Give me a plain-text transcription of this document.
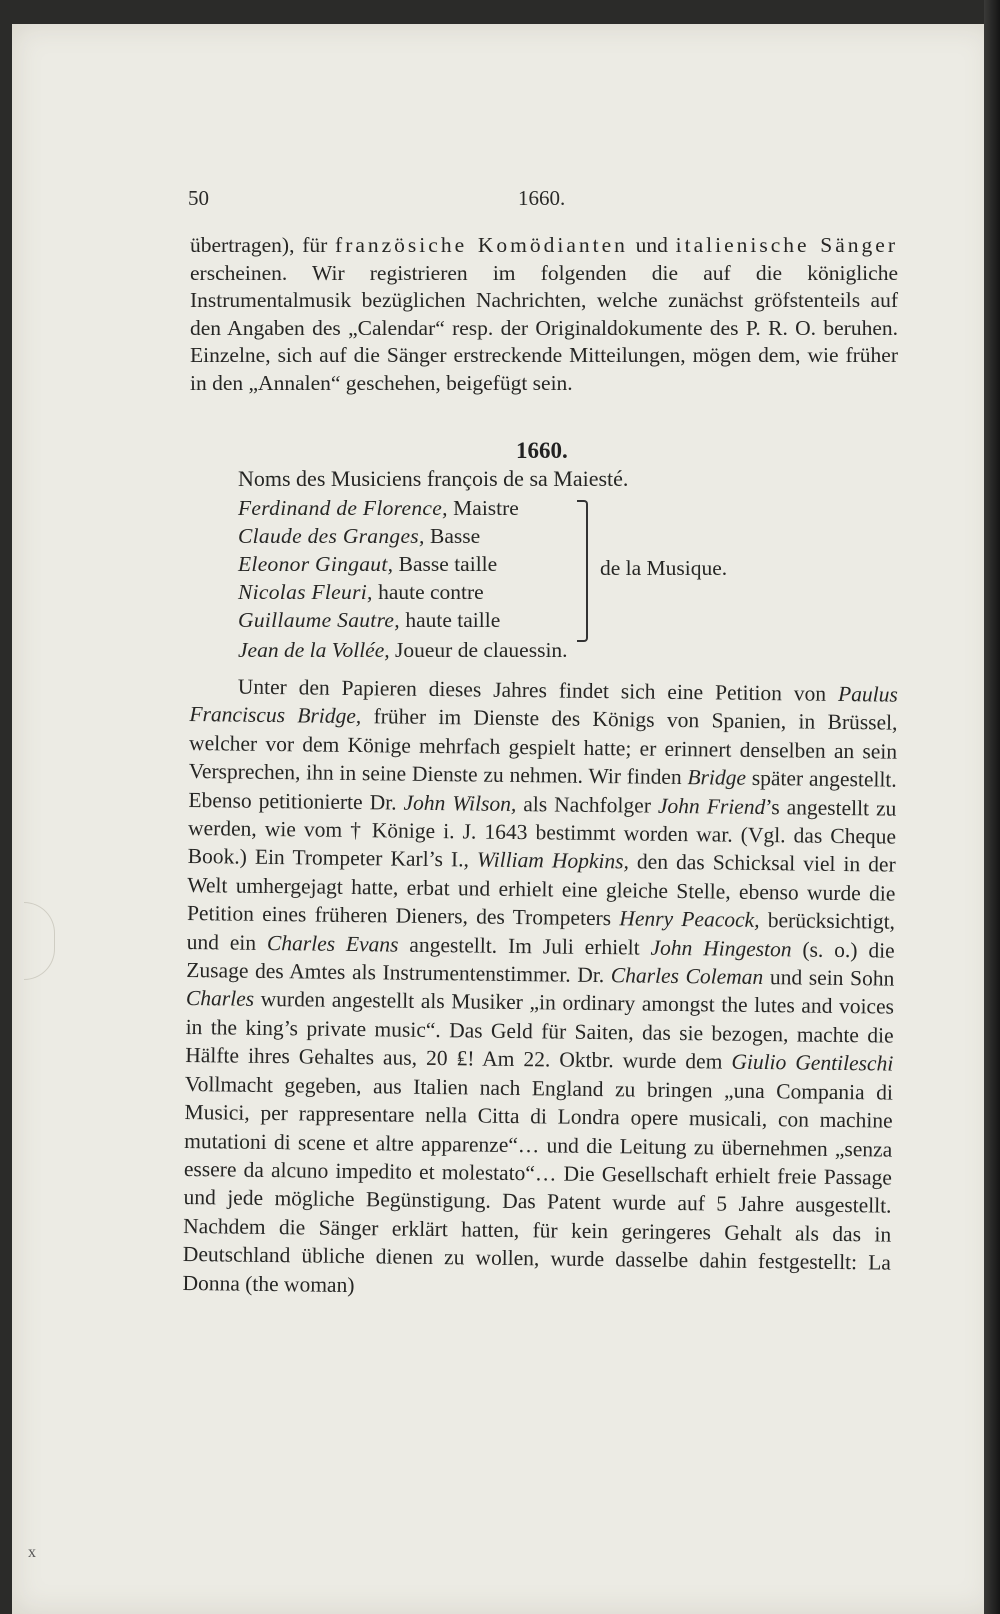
50	1660.

übertragen), für französiche Komödianten und italienische Sänger erscheinen. Wir registrieren im folgenden die auf die königliche Instrumentalmusik bezüglichen Nachrichten, welche zunächst gröfstenteils auf den Angaben des „Calendar“ resp. der Originaldokumente des P. R. O. beruhen. Einzelne, sich auf die Sänger erstreckende Mitteilungen, mögen dem, wie früher in den „Annalen“ geschehen, beigefügt sein.

1660.
Noms des Musiciens françois de sa Maiesté.
Ferdinand de Florence, Maistre
Claude des Granges, Basse
Eleonor Gingaut, Basse taille
Nicolas Fleuri, haute contre
Guillaume Sautre, haute taille
de la Musique.
Jean de la Vollée, Joueur de clauessin.

Unter den Papieren dieses Jahres findet sich eine Petition von Paulus Franciscus Bridge, früher im Dienste des Königs von Spanien, in Brüssel, welcher vor dem Könige mehrfach gespielt hatte; er erinnert denselben an sein Versprechen, ihn in seine Dienste zu nehmen. Wir finden Bridge später angestellt. Ebenso petitionierte Dr. John Wilson, als Nachfolger John Friend’s angestellt zu werden, wie vom † Könige i. J. 1643 bestimmt worden war. (Vgl. das Cheque Book.) Ein Trompeter Karl’s I., William Hopkins, den das Schicksal viel in der Welt umhergejagt hatte, erbat und erhielt eine gleiche Stelle, ebenso wurde die Petition eines früheren Dieners, des Trompeters Henry Peacock, berücksichtigt, und ein Charles Evans angestellt. Im Juli erhielt John Hingeston (s. o.) die Zusage des Amtes als Instrumentenstimmer. Dr. Charles Coleman und sein Sohn Charles wurden angestellt als Musiker „in ordinary amongst the lutes and voices in the king’s private music“. Das Geld für Saiten, das sie bezogen, machte die Hälfte ihres Gehaltes aus, 20 ₤! Am 22. Oktbr. wurde dem Giulio Gentileschi Vollmacht gegeben, aus Italien nach England zu bringen „una Compania di Musici, per rappresentare nella Citta di Londra opere musicali, con machine mutationi di scene et altre apparenze“… und die Leitung zu übernehmen „senza essere da alcuno impedito et molestato“… Die Gesellschaft erhielt freie Passage und jede mögliche Begünstigung. Das Patent wurde auf 5 Jahre ausgestellt. Nachdem die Sänger erklärt hatten, für kein geringeres Gehalt als das in Deutschland übliche dienen zu wollen, wurde dasselbe dahin festgestellt: La Donna (the woman)

x
